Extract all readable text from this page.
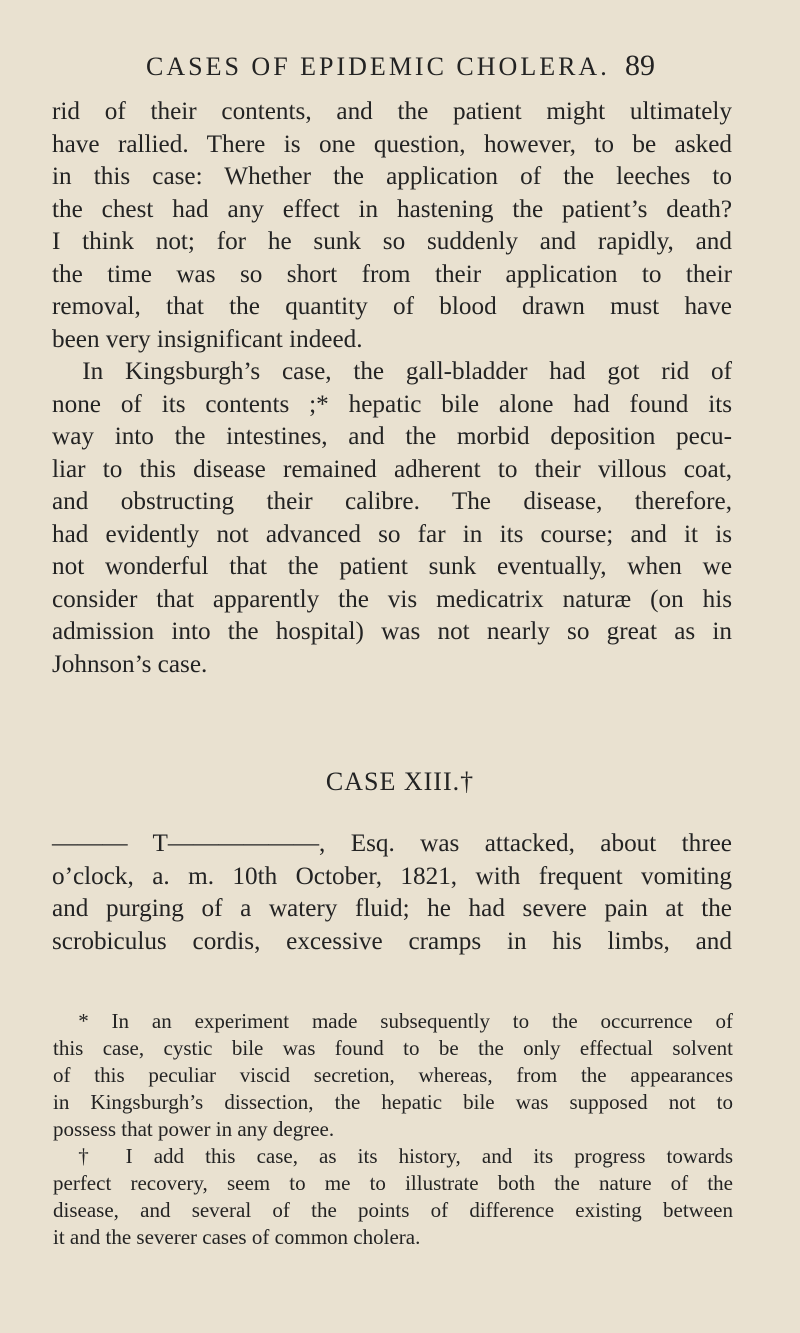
CASES OF EPIDEMIC CHOLERA. 89
rid of their contents, and the patient might ultimately
have rallied. There is one question, however, to be asked
in this case: Whether the application of the leeches to
the chest had any effect in hastening the patient’s death?
I think not; for he sunk so suddenly and rapidly, and
the time was so short from their application to their
removal, that the quantity of blood drawn must have
been very insignificant indeed.
In Kingsburgh’s case, the gall-bladder had got rid of
none of its contents ;* hepatic bile alone had found its
way into the intestines, and the morbid deposition pecu-
liar to this disease remained adherent to their villous coat,
and obstructing their calibre. The disease, therefore,
had evidently not advanced so far in its course; and it is
not wonderful that the patient sunk eventually, when we
consider that apparently the vis medicatrix naturæ (on his
admission into the hospital) was not nearly so great as in
Johnson’s case.
CASE XIII.†
——— T——————, Esq. was attacked, about three
o’clock, a. m. 10th October, 1821, with frequent vomiting
and purging of a watery fluid; he had severe pain at the
scrobiculus cordis, excessive cramps in his limbs, and
* In an experiment made subsequently to the occurrence of
this case, cystic bile was found to be the only effectual solvent
of this peculiar viscid secretion, whereas, from the appearances
in Kingsburgh’s dissection, the hepatic bile was supposed not to
possess that power in any degree.
† I add this case, as its history, and its progress towards
perfect recovery, seem to me to illustrate both the nature of the
disease, and several of the points of difference existing between
it and the severer cases of common cholera.
